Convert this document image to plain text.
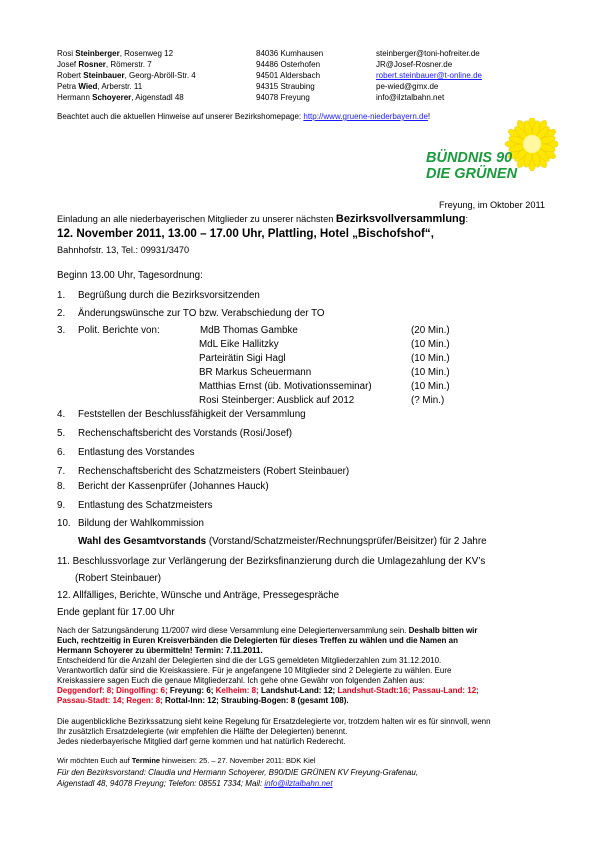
Rosi Steinberger, Rosenweg 12	84036 Kumhausen	steinberger@toni-hofreiter.de
Josef Rosner, Römerstr. 7	94486 Osterhofen	JR@Josef-Rosner.de
Robert Steinbauer, Georg-Abröll-Str. 4	94501 Aldersbach	robert.steinbauer@t-online.de
Petra Wied, Arberstr. 11	94315 Straubing	pe-wied@gmx.de
Hermann Schoyerer, Aigenstadl 48	94078 Freyung	info@ilztalbahn.net
Beachtet auch die aktuellen Hinweise auf unserer Bezirkshomepage: http://www.gruene-niederbayern.de!
BÜNDNIS 90
DIE GRÜNEN
Freyung, im Oktober 2011
Einladung an alle niederbayerischen Mitglieder zu unserer nächsten Bezirksvollversammlung:
12. November 2011, 13.00 – 17.00 Uhr, Plattling, Hotel „Bischofshof“,
Bahnhofstr. 13, Tel.: 09931/3470
Beginn 13.00 Uhr, Tagesordnung:
1. Begrüßung durch die Bezirksvorsitzenden
2. Änderungswünsche zur TO bzw. Verabschiedung der TO
3. Polit. Berichte von:	MdB Thomas Gambke	(20 Min.)
MdL Eike Hallitzky	(10 Min.)
Parteirätin Sigi Hagl	(10 Min.)
BR Markus Scheuermann	(10 Min.)
Matthias Ernst (üb. Motivationsseminar)	(10 Min.)
Rosi Steinberger: Ausblick auf 2012	(? Min.)
4. Feststellen der Beschlussfähigkeit der Versammlung
5. Rechenschaftsbericht des Vorstands (Rosi/Josef)
6. Entlastung des Vorstandes
7. Rechenschaftsbericht des Schatzmeisters (Robert Steinbauer)
8. Bericht der Kassenprüfer (Johannes Hauck)
9. Entlastung des Schatzmeisters
10. Bildung der Wahlkommission
Wahl des Gesamtvorstands (Vorstand/Schatzmeister/Rechnungsprüfer/Beisitzer) für 2 Jahre
11. Beschlussvorlage zur Verlängerung der Bezirksfinanzierung durch die Umlagezahlung der KV’s
(Robert Steinbauer)
12. Allfälliges, Berichte, Wünsche und Anträge, Pressegespräche
Ende geplant für 17.00 Uhr
Nach der Satzungsänderung 11/2007 wird diese Versammlung eine Delegiertenversammlung sein. Deshalb bitten wir
Euch, rechtzeitig in Euren Kreisverbänden die Delegierten für dieses Treffen zu wählen und die Namen an
Hermann Schoyerer zu übermitteln! Termin: 7.11.2011.
Entscheidend für die Anzahl der Delegierten sind die der LGS gemeldeten Mitgliederzahlen zum 31.12.2010.
Verantwortlich dafür sind die Kreiskassiere. Für je angefangene 10 Mitglieder sind 2 Delegierte zu wählen. Eure
Kreiskassiere sagen Euch die genaue Mitgliederzahl. Ich gehe ohne Gewähr von folgenden Zahlen aus:
Deggendorf: 8; Dingolfing: 6; Freyung: 6; Kelheim: 8; Landshut-Land: 12; Landshut-Stadt:16; Passau-Land: 12;
Passau-Stadt: 14; Regen: 8; Rottal-Inn: 12; Straubing-Bogen: 8 (gesamt 108).
Die augenblickliche Bezirkssatzung sieht keine Regelung für Ersatzdelegierte vor, trotzdem halten wir es für sinnvoll, wenn
Ihr zusätzlich Ersatzdelegierte (wir empfehlen die Hälfte der Delegierten) benennt.
Jedes niederbayerische Mitglied darf gerne kommen und hat natürlich Rederecht.
Wir möchten Euch auf Termine hinweisen: 25. – 27. November 2011: BDK Kiel
Für den Bezirksvorstand: Claudia und Hermann Schoyerer, B90/DIE GRÜNEN KV Freyung-Grafenau,
Aigenstadl 48, 94078 Freyung; Telefon: 08551 7334; Mail: info@ilztalbahn.net
